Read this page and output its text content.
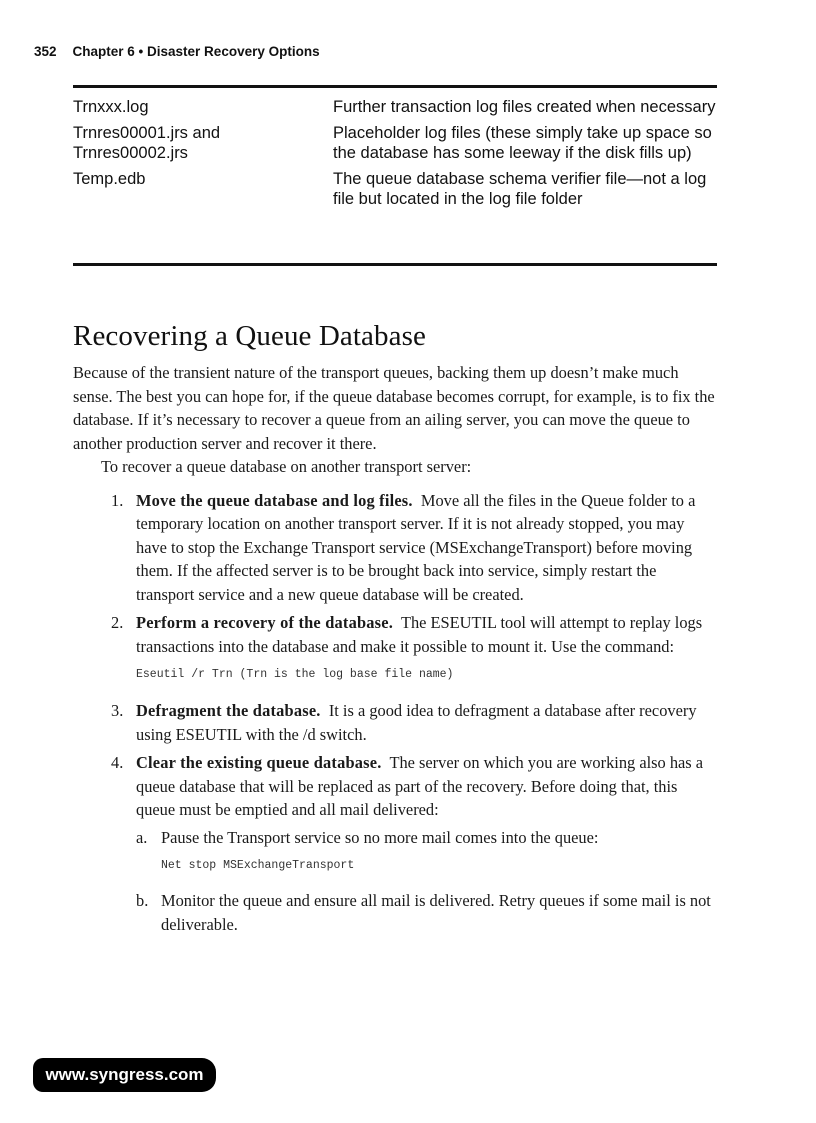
352 Chapter 6 • Disaster Recovery Options
Trnxxx.log	Further transaction log files created when necessary
Trnres00001.jrs and Trnres00002.jrs
Placeholder log files (these simply take up space so the database has some leeway if the disk fills up)
Temp.edb	The queue database schema verifier file—not a log file but located in the log file folder
Recovering a Queue Database

Because of the transient nature of the transport queues, backing them up doesn’t make much sense. The best you can hope for, if the queue database becomes corrupt, for example, is to fix the database. If it’s necessary to recover a queue from an ailing server, you can move the queue to another production server and recover it there.

To recover a queue database on another transport server:

1. Move the queue database and log files. Move all the files in the Queue folder to a temporary location on another transport server. If it is not already stopped, you may have to stop the Exchange Transport service (MSExchangeTransport) before moving them. If the affected server is to be brought back into service, simply restart the transport service and a new queue database will be created.
2. Perform a recovery of the database. The ESEUTIL tool will attempt to replay logs transactions into the database and make it possible to mount it. Use the command:
Eseutil /r Trn (Trn is the log base file name)
3. Defragment the database. It is a good idea to defragment a database after recovery using ESEUTIL with the /d switch.
4. Clear the existing queue database. The server on which you are working also has a queue database that will be replaced as part of the recovery. Before doing that, this queue must be emptied and all mail delivered:
a. Pause the Transport service so no more mail comes into the queue:
Net stop MSExchangeTransport
b. Monitor the queue and ensure all mail is delivered. Retry queues if some mail is not deliverable.
www.syngress.com
